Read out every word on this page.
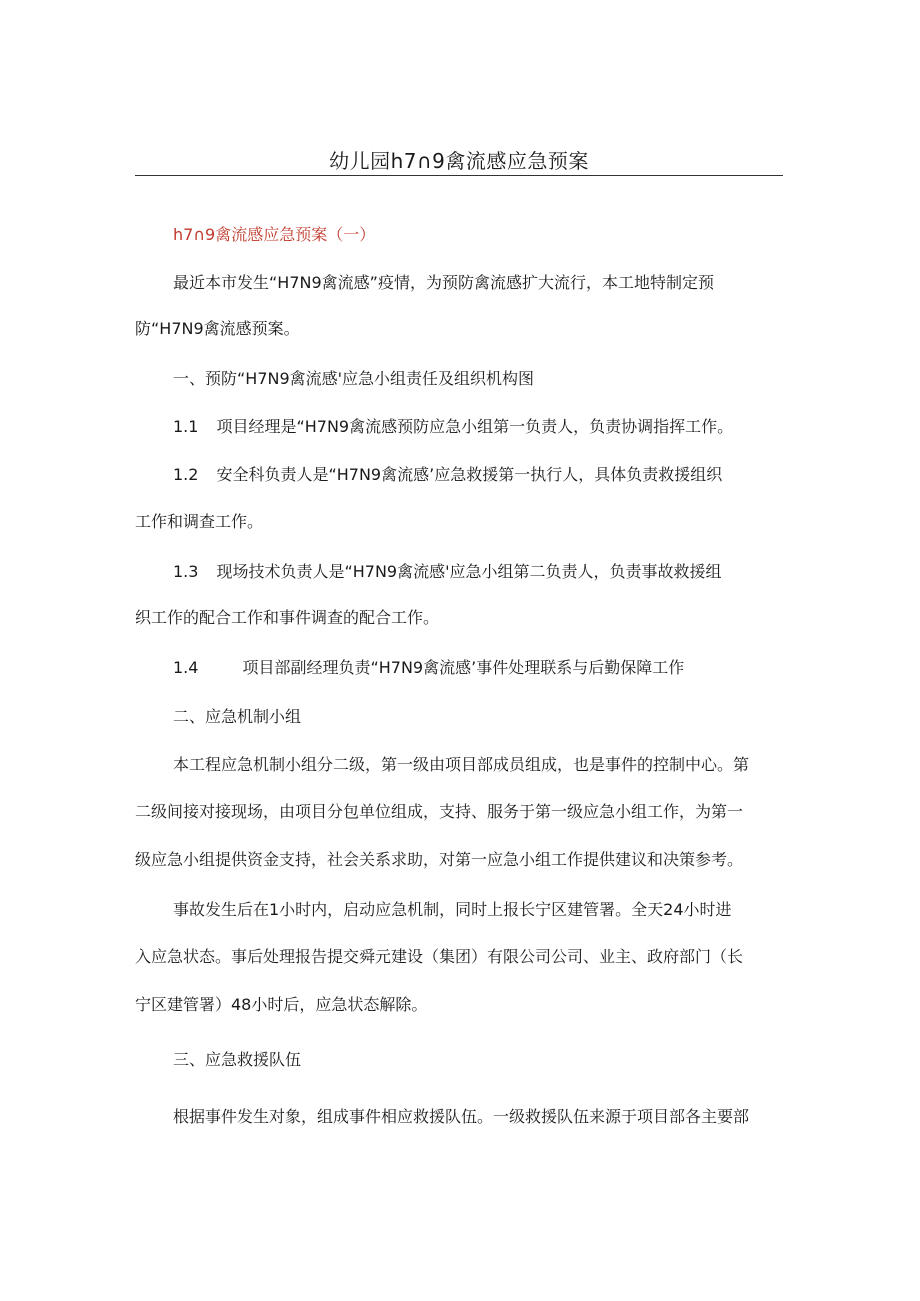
幼儿园h7∩9禽流感应急预案
h7∩9禽流感应急预案（一）
最近本市发生“H7N9禽流感”疫情，为预防禽流感扩大流行，本工地特制定预
防“H7N9禽流感预案。
一、预防“H7N9禽流感'应急小组责任及组织机构图
1.1 项目经理是“H7N9禽流感预防应急小组第一负责人，负责协调指挥工作。
1.2 安全科负责人是“H7N9禽流感’应急救援第一执行人，具体负责救援组织
工作和调查工作。
1.3 现场技术负责人是“H7N9禽流感'应急小组第二负责人，负责事故救援组
织工作的配合工作和事件调查的配合工作。
1.4	项目部副经理负责“H7N9禽流感’事件处理联系与后勤保障工作
二、应急机制小组
本工程应急机制小组分二级，第一级由项目部成员组成，也是事件的控制中心。第
二级间接对接现场，由项目分包单位组成，支持、服务于第一级应急小组工作，为第一
级应急小组提供资金支持，社会关系求助，对第一应急小组工作提供建议和决策参考。
事故发生后在1小时内，启动应急机制，同时上报长宁区建管署。全天24小时进
入应急状态。事后处理报告提交舜元建设（集团）有限公司公司、业主、政府部门（长
宁区建管署）48小时后，应急状态解除。
三、应急救援队伍
根据事件发生对象，组成事件相应救援队伍。一级救援队伍来源于项目部各主要部
